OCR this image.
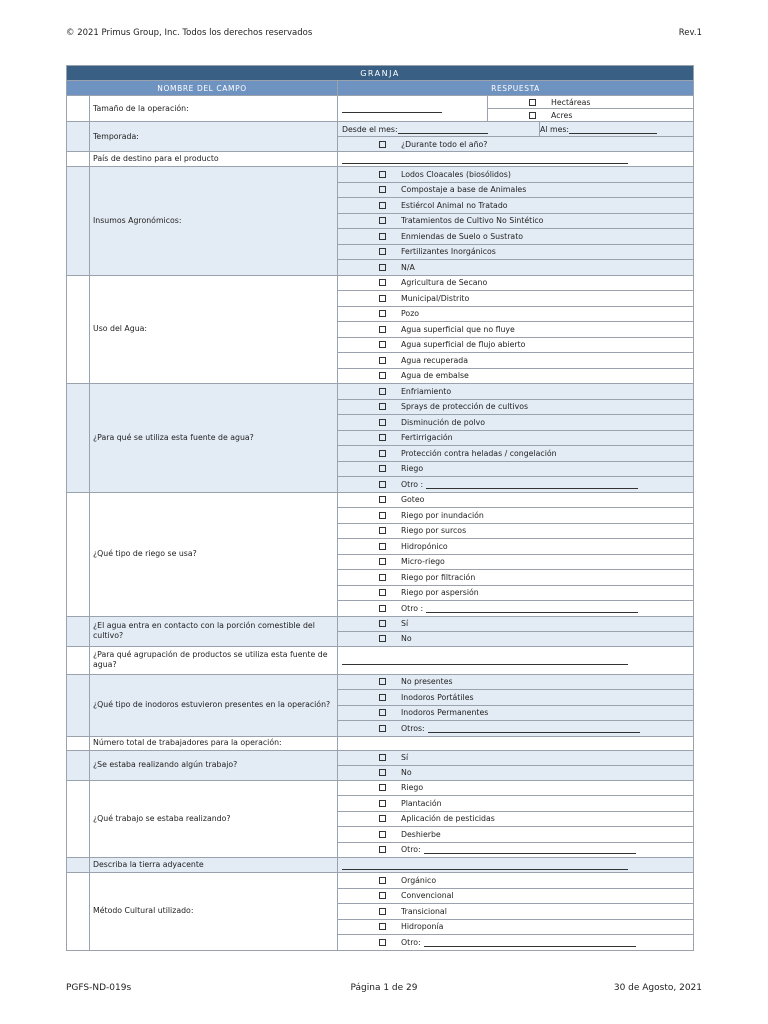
© 2021 Primus Group, Inc. Todos los derechos reservados	Rev.1
GRANJA				
NOMBRE DEL CAMPO		RESPUESTA		
	Tamaño de la operación:		Hectáreas	

			Acres	

	Temporada:	Desde el mes:		Al mes:

		¿Durante todo el año?		

	País de destino para el producto			
	Insumos Agronómicos:	Lodos Cloacales (biosólidos)		

		Compostaje a base de Animales		

		Estiércol Animal no Tratado		

		Tratamientos de Cultivo No Sintético		

		Enmiendas de Suelo o Sustrato		

		Fertilizantes Inorgánicos		

		N/A		

	Uso del Agua:	Agricultura de Secano		

		Municipal/Distrito		

		Pozo		

		Agua superficial que no fluye		

		Agua superficial de flujo abierto		

		Agua recuperada		

		Agua de embalse		

	¿Para qué se utiliza esta fuente de agua?	Enfriamiento		

		Sprays de protección de cultivos		

		Disminución de polvo		

		Fertirrigación		

		Protección contra heladas / congelación		

		Riego		

		Otro :		

	¿Qué tipo de riego se usa?	Goteo		

		Riego por inundación		

		Riego por surcos		

		Hidropónico		

		Micro-riego		

		Riego por filtración		

		Riego por aspersión		

		Otro :		

	¿El agua entra en contacto con la porción comestible del cultivo?	Sí		

		No		

	¿Para qué agrupación de productos se utiliza esta fuente de agua?			
	¿Qué tipo de inodoros estuvieron presentes en la operación?	No presentes		

		Inodoros Portátiles		

		Inodoros Permanentes		

		Otros:		

	Número total de trabajadores para la operación:			
	¿Se estaba realizando algún trabajo?	Sí		

		No		

	¿Qué trabajo se estaba realizando?	Riego		

		Plantación		

		Aplicación de pesticidas		

		Deshierbe		

		Otro:		

	Describa la tierra adyacente			
	Método Cultural utilizado:	Orgánico		

		Convencional		

		Transicional		

		Hidroponía		

		Otro:		
Página 1 de 29
PGFS-ND-019s	30 de Agosto, 2021
